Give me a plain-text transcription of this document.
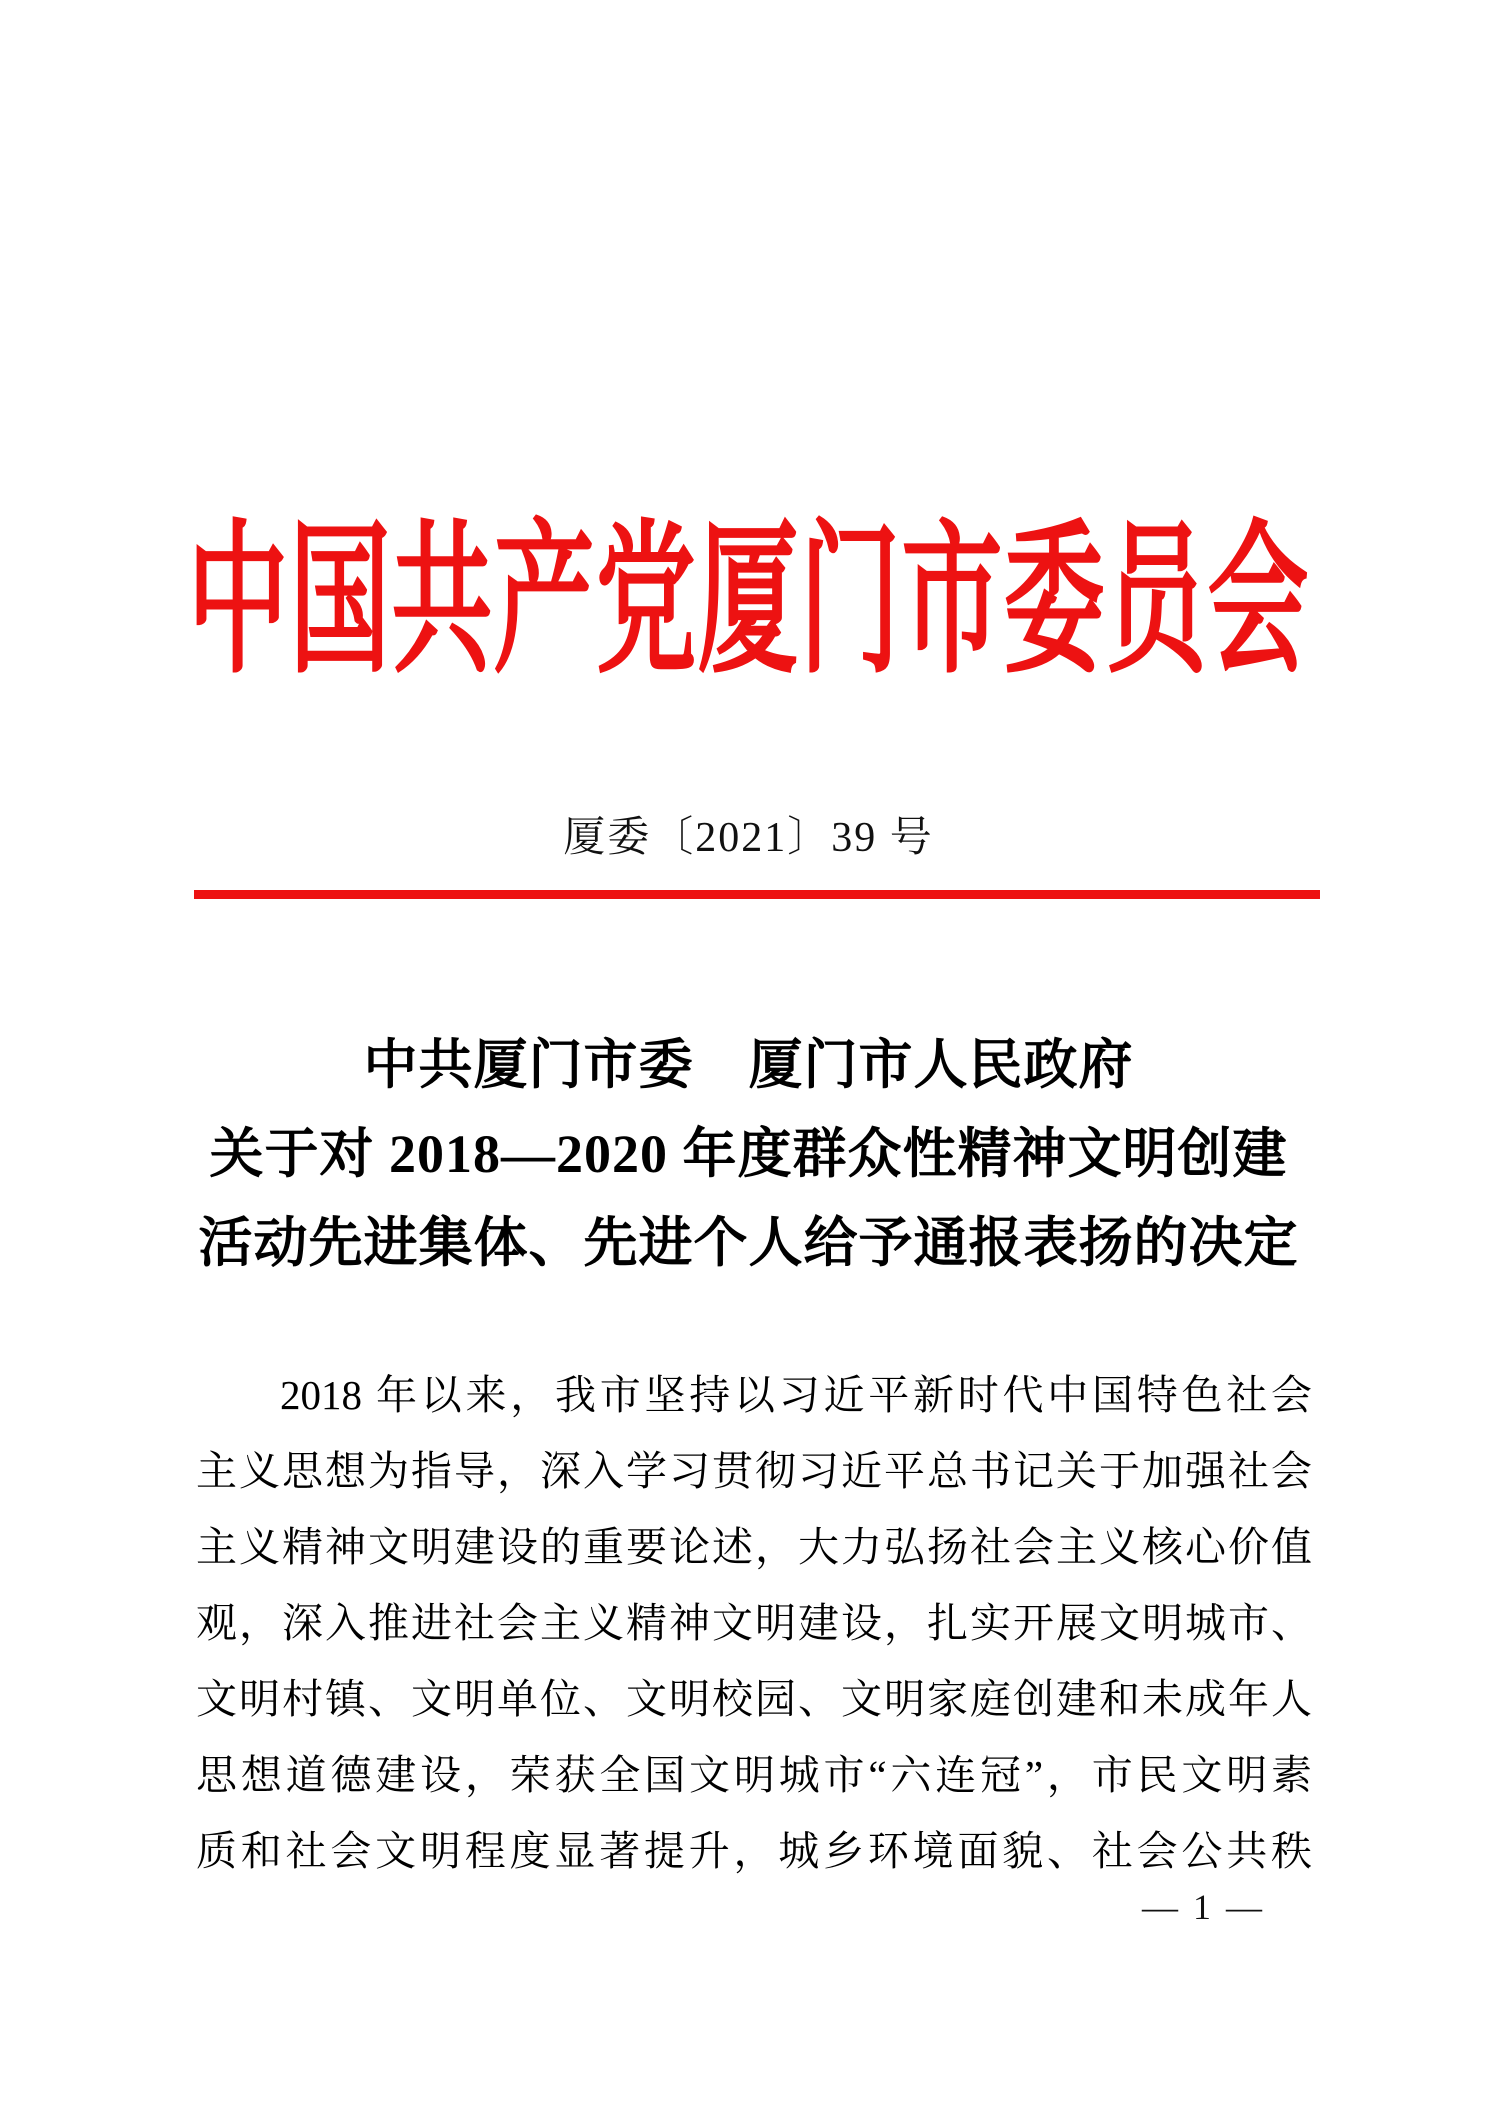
中国共产党厦门市委员会
厦委〔2021〕39 号
中共厦门市委　厦门市人民政府
关于对 2018—2020 年度群众性精神文明创建
活动先进集体、先进个人给予通报表扬的决定

2018 年以来，我市坚持以习近平新时代中国特色社会

主义思想为指导，深入学习贯彻习近平总书记关于加强社会

主义精神文明建设的重要论述，大力弘扬社会主义核心价值

观，深入推进社会主义精神文明建设，扎实开展文明城市、

文明村镇、文明单位、文明校园、文明家庭创建和未成年人

思想道德建设，荣获全国文明城市“六连冠”，市民文明素

质和社会文明程度显著提升，城乡环境面貌、社会公共秩

— 1 —
